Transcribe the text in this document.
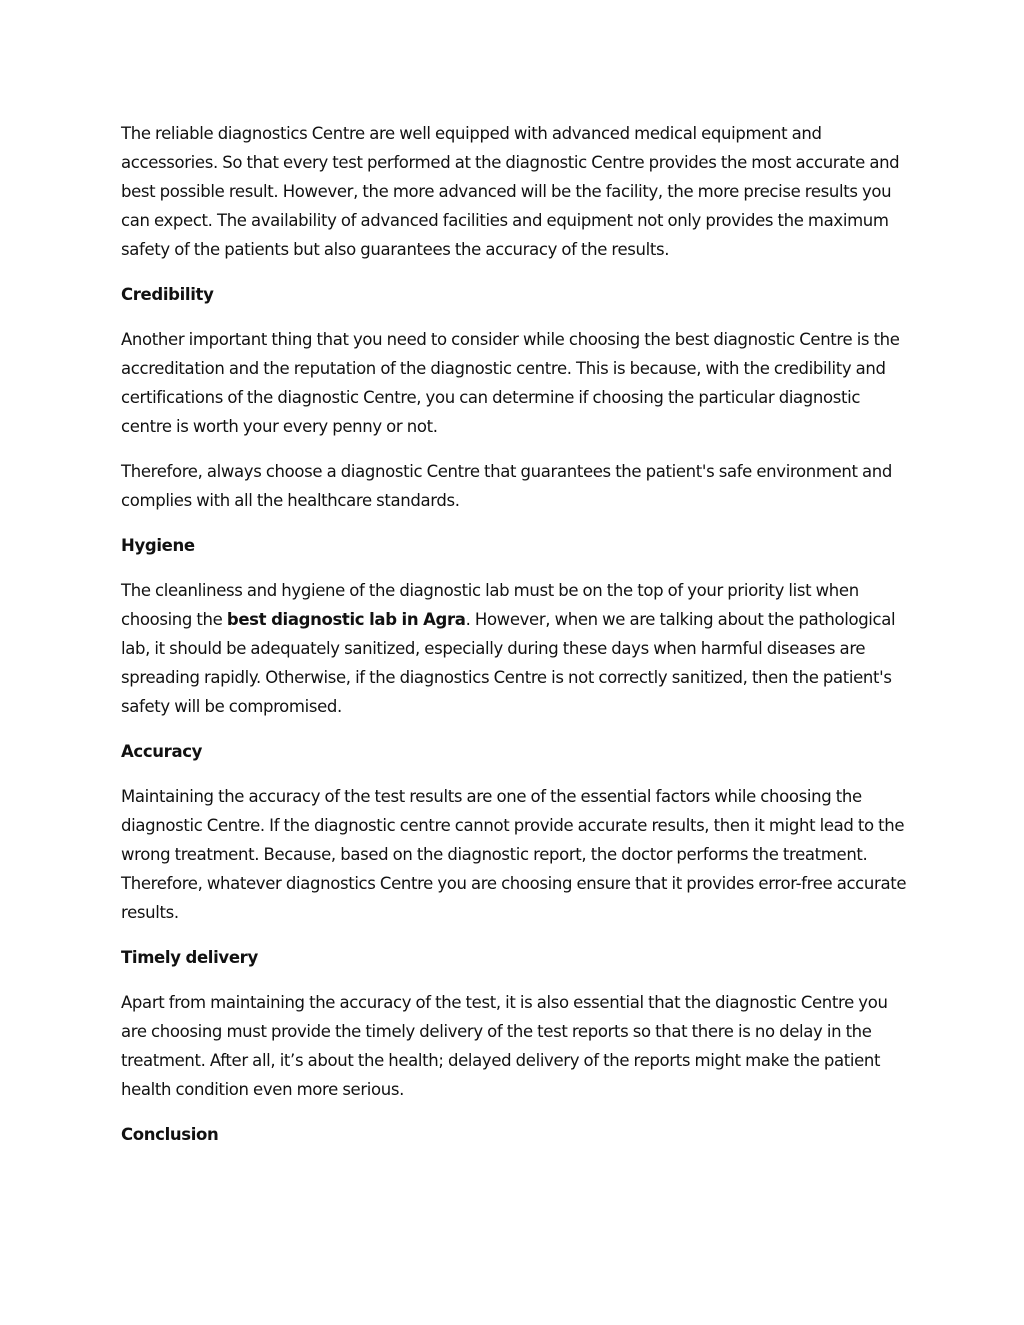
The reliable diagnostics Centre are well equipped with advanced medical equipment and accessories. So that every test performed at the diagnostic Centre provides the most accurate and best possible result. However, the more advanced will be the facility, the more precise results you can expect. The availability of advanced facilities and equipment not only provides the maximum safety of the patients but also guarantees the accuracy of the results.

Credibility

Another important thing that you need to consider while choosing the best diagnostic Centre is the accreditation and the reputation of the diagnostic centre. This is because, with the credibility and certifications of the diagnostic Centre, you can determine if choosing the particular diagnostic centre is worth your every penny or not.

Therefore, always choose a diagnostic Centre that guarantees the patient's safe environment and complies with all the healthcare standards.

Hygiene

The cleanliness and hygiene of the diagnostic lab must be on the top of your priority list when choosing the best diagnostic lab in Agra. However, when we are talking about the pathological lab, it should be adequately sanitized, especially during these days when harmful diseases are spreading rapidly. Otherwise, if the diagnostics Centre is not correctly sanitized, then the patient's safety will be compromised.

Accuracy

Maintaining the accuracy of the test results are one of the essential factors while choosing the diagnostic Centre. If the diagnostic centre cannot provide accurate results, then it might lead to the wrong treatment. Because, based on the diagnostic report, the doctor performs the treatment. Therefore, whatever diagnostics Centre you are choosing ensure that it provides error-free accurate results.

Timely delivery

Apart from maintaining the accuracy of the test, it is also essential that the diagnostic Centre you are choosing must provide the timely delivery of the test reports so that there is no delay in the treatment. After all, it’s about the health; delayed delivery of the reports might make the patient health condition even more serious.

Conclusion
